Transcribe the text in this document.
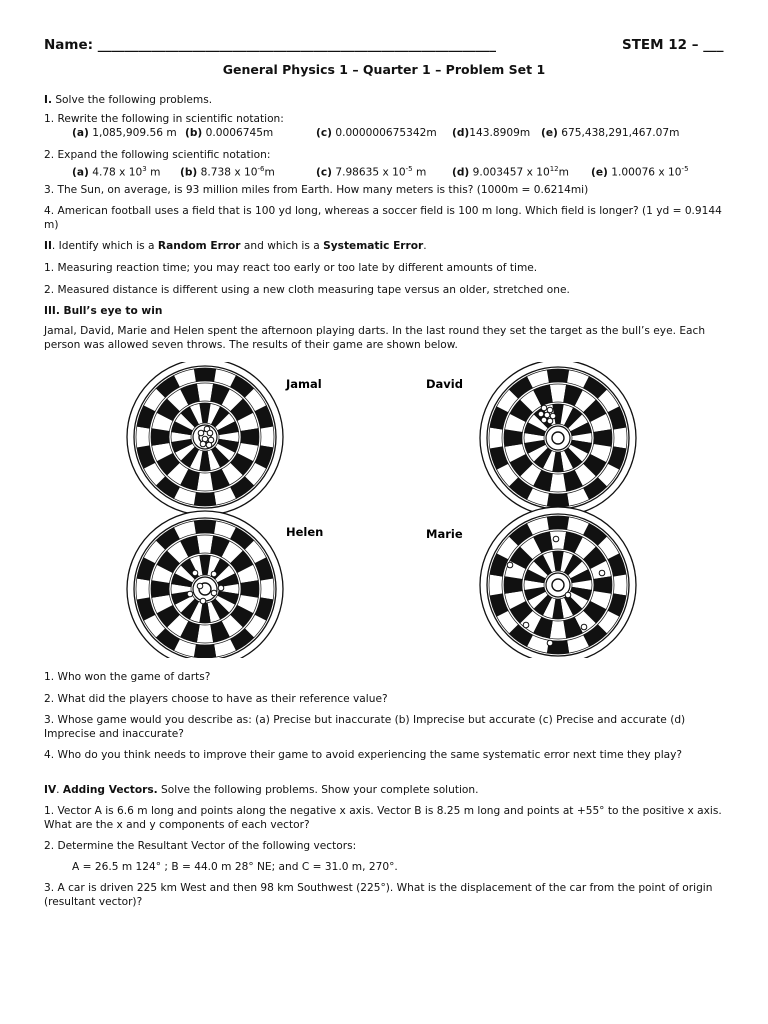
Name: ___________________________________________________________	STEM 12 – ___
General Physics 1 – Quarter 1 – Problem Set 1
I. Solve the following problems.
1. Rewrite the following in scientific notation:
(a) 1,085,909.56 m (b) 0.0006745m	(c) 0.000000675342m (d)143.8909m (e) 675,438,291,467.07m
2. Expand the following scientific notation:
(a) 4.78 x $10^3$ m (b) 8.738 x $10^{-6}m$	(c) 7.98635 x $10^{-5}$ m (d) 9.003457 x $10^{12}m$ (e) 1.00076 x $10^{-5}$
3. The Sun, on average, is 93 million miles from Earth. How many meters is this? (1000m = 0.6214mi)
4. American football uses a field that is 100 yd long, whereas a soccer field is 100 m long. Which field is longer? (1 yd = 0.9144 m)
II. Identify which is a Random Error and which is a Systematic Error.
1. Measuring reaction time; you may react too early or too late by different amounts of time.
2. Measured distance is different using a new cloth measuring tape versus an older, stretched one.
III. Bull’s eye to win
Jamal, David, Marie and Helen spent the afternoon playing darts. In the last round they set the target as the bull’s eye. Each person was allowed seven throws. The results of their game are shown below.
Jamal	David
Helen	Marie
1. Who won the game of darts?
2. What did the players choose to have as their reference value?
3. Whose game would you describe as: (a) Precise but inaccurate (b) Imprecise but accurate (c) Precise and accurate (d) Imprecise and inaccurate?
4. Who do you think needs to improve their game to avoid experiencing the same systematic error next time they play?
IV. Adding Vectors. Solve the following problems. Show your complete solution.
1. Vector A is 6.6 m long and points along the negative x axis. Vector B is 8.25 m long and points at +55° to the positive x axis. What are the x and y components of each vector?
2. Determine the Resultant Vector of the following vectors:
A = 26.5 m 124° ; B = 44.0 m 28° NE; and C = 31.0 m, 270°.
3. A car is driven 225 km West and then 98 km Southwest (225°). What is the displacement of the car from the point of origin (resultant vector)?
